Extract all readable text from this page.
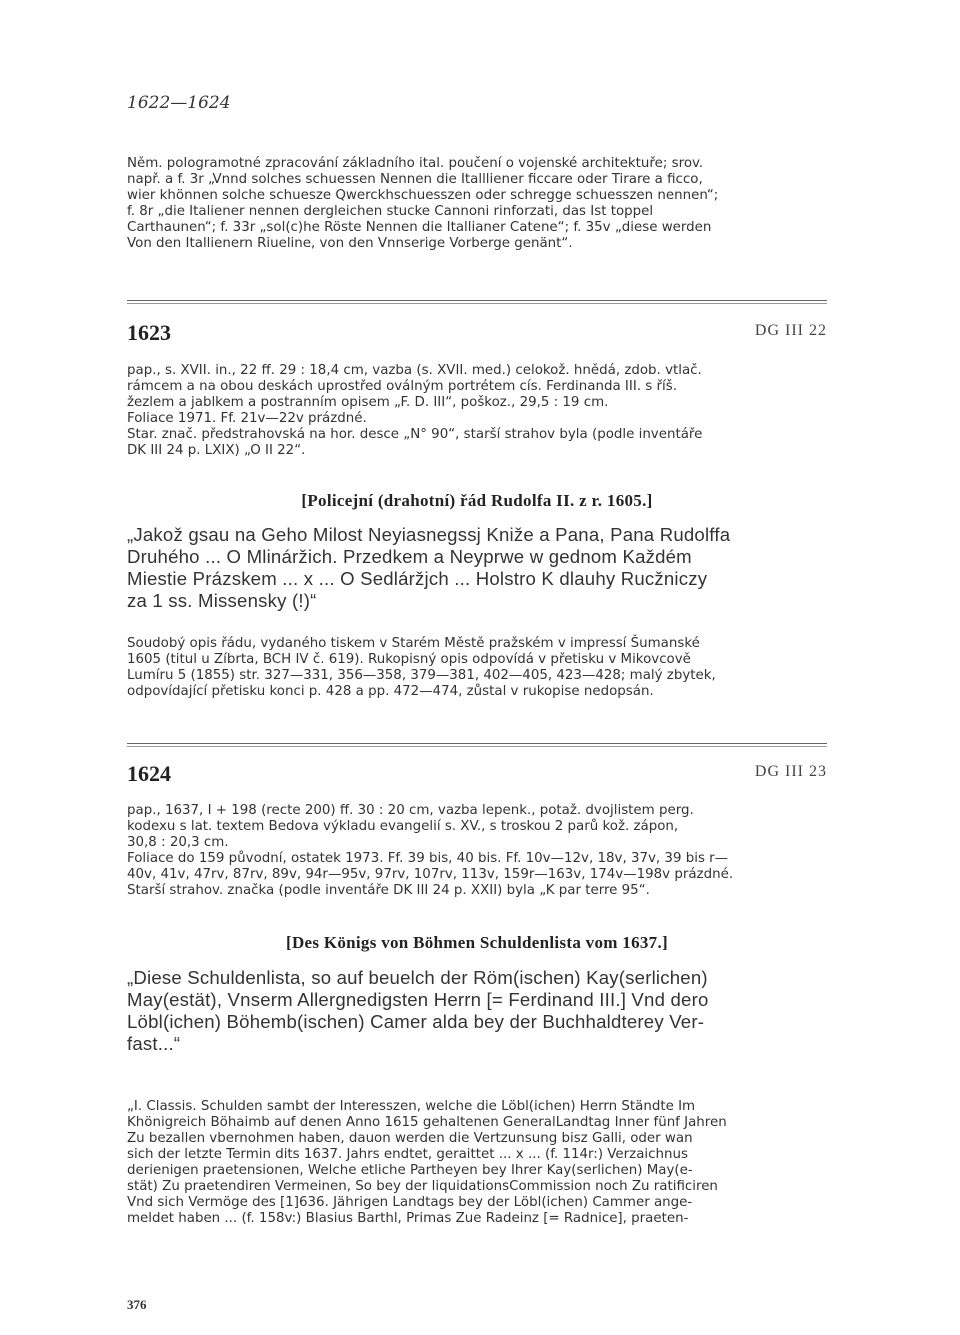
1622—1624

Něm. pologramotné zpracování základního ital. poučení o vojenské architektuře; srov.

např. a f. 3r „Vnnd solches schuessen Nennen die Itallliener ficcare oder Tirare a ficco,

wier khönnen solche schuesze Qwerckhschuesszen oder schregge schuesszen nennen“;

f. 8r „die Italiener nennen dergleichen stucke Cannoni rinforzati, das Ist toppel

Carthaunen“; f. 33r „sol(c)he Röste Nennen die Itallianer Catene“; f. 35v „diese werden

Von den Itallienern Riueline, von den Vnnserige Vorberge genänt“.

1623	DG III 22

pap., s. XVII. in., 22 ff. 29 : 18,4 cm, vazba (s. XVII. med.) celokož. hnědá, zdob. vtlač.

rámcem a na obou deskách uprostřed oválným portrétem cís. Ferdinanda III. s říš.

žezlem a jablkem a postranním opisem „F. D. III“, poškoz., 29,5 : 19 cm.

Foliace 1971. Ff. 21v—22v prázdné.

Star. znač. předstrahovská na hor. desce „N° 90“, starší strahov byla (podle inventáře

DK III 24 p. LXIX) „O II 22“.

[Policejní (drahotní) řád Rudolfa II. z r. 1605.]

„Jakož gsau na Geho Milost Neyiasnegssj Kniže a Pana, Pana Rudolffa

Druhého ... O Mlináržich. Przedkem a Neyprwe w gednom Každém

Miestie Prázskem ... x ... O Sedláržjch ... Holstro K dlauhy Rucžniczy

za 1 ss. Missensky (!)“

Soudobý opis řádu, vydaného tiskem v Starém Městě pražském v impressí Šumanské

1605 (titul u Zíbrta, BCH IV č. 619). Rukopisný opis odpovídá v přetisku v Mikovcově

Lumíru 5 (1855) str. 327—331, 356—358, 379—381, 402—405, 423—428; malý zbytek,

odpovídající přetisku konci p. 428 a pp. 472—474, zůstal v rukopise nedopsán.

1624	DG III 23

pap., 1637, I + 198 (recte 200) ff. 30 : 20 cm, vazba lepenk., potaž. dvojlistem perg.

kodexu s lat. textem Bedova výkladu evangelií s. XV., s troskou 2 parů kož. zápon,

30,8 : 20,3 cm.

Foliace do 159 původní, ostatek 1973. Ff. 39 bis, 40 bis. Ff. 10v—12v, 18v, 37v, 39 bis r—

40v, 41v, 47rv, 87rv, 89v, 94r—95v, 97rv, 107rv, 113v, 159r—163v, 174v—198v prázdné.

Starší strahov. značka (podle inventáře DK III 24 p. XXII) byla „K par terre 95“.

[Des Königs von Böhmen Schuldenlista vom 1637.]

„Diese Schuldenlista, so auf beuelch der Röm(ischen) Kay(serlichen)

May(estät), Vnserm Allergnedigsten Herrn [= Ferdinand III.] Vnd dero

Löbl(ichen) Böhemb(ischen) Camer alda bey der Buchhaldterey Ver-

fast...“

„I. Classis. Schulden sambt der Interesszen, welche die Löbl(ichen) Herrn Ständte Im

Khönigreich Böhaimb auf denen Anno 1615 gehaltenen GeneralLandtag Inner fünf Jahren

Zu bezallen vbernohmen haben, dauon werden die Vertzunsung bisz Galli, oder wan

sich der letzte Termin dits 1637. Jahrs endtet, geraittet ... x ... (f. 114r:) Verzaichnus

derienigen praetensionen, Welche etliche Partheyen bey Ihrer Kay(serlichen) May(e-

stät) Zu praetendiren Vermeinen, So bey der liquidationsCommission noch Zu ratificiren

Vnd sich Vermöge des [1]636. Jährigen Landtags bey der Löbl(ichen) Cammer ange-

meldet haben ... (f. 158v:) Blasius Barthl, Primas Zue Radeinz [= Radnice], praeten-

376
